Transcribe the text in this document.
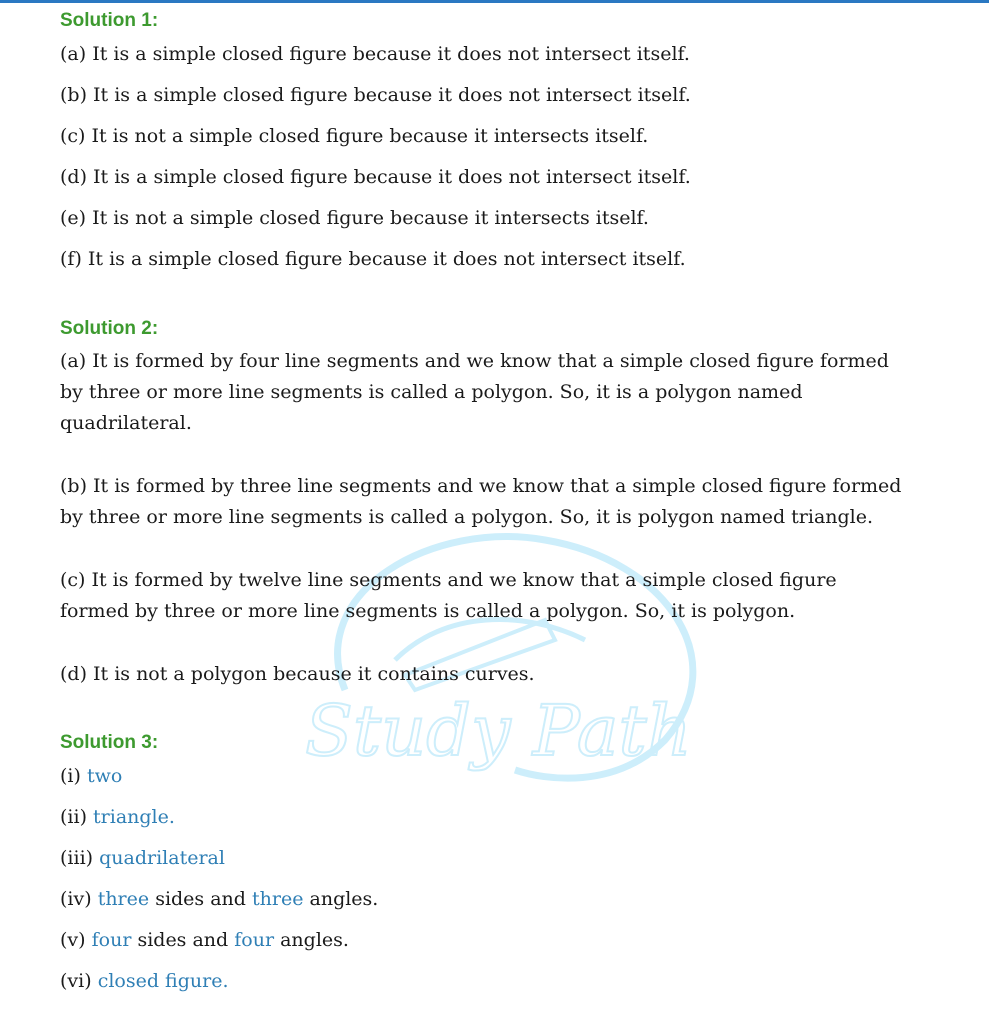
Study Path

Solution 1:

(a) It is a simple closed figure because it does not intersect itself.

(b) It is a simple closed figure because it does not intersect itself.

(c) It is not a simple closed figure because it intersects itself.

(d) It is a simple closed figure because it does not intersect itself.

(e) It is not a simple closed figure because it intersects itself.

(f) It is a simple closed figure because it does not intersect itself.

Solution 2:

(a) It is formed by four line segments and we know that a simple closed figure formed

by three or more line segments is called a polygon. So, it is a polygon named

quadrilateral.

(b) It is formed by three line segments and we know that a simple closed figure formed

by three or more line segments is called a polygon. So, it is polygon named triangle.

(c) It is formed by twelve line segments and we know that a simple closed figure

formed by three or more line segments is called a polygon. So, it is polygon.

(d) It is not a polygon because it contains curves.

Solution 3:

(i) two

(ii) triangle.

(iii) quadrilateral

(iv) three sides and three angles.

(v) four sides and four angles.

(vi) closed figure.
